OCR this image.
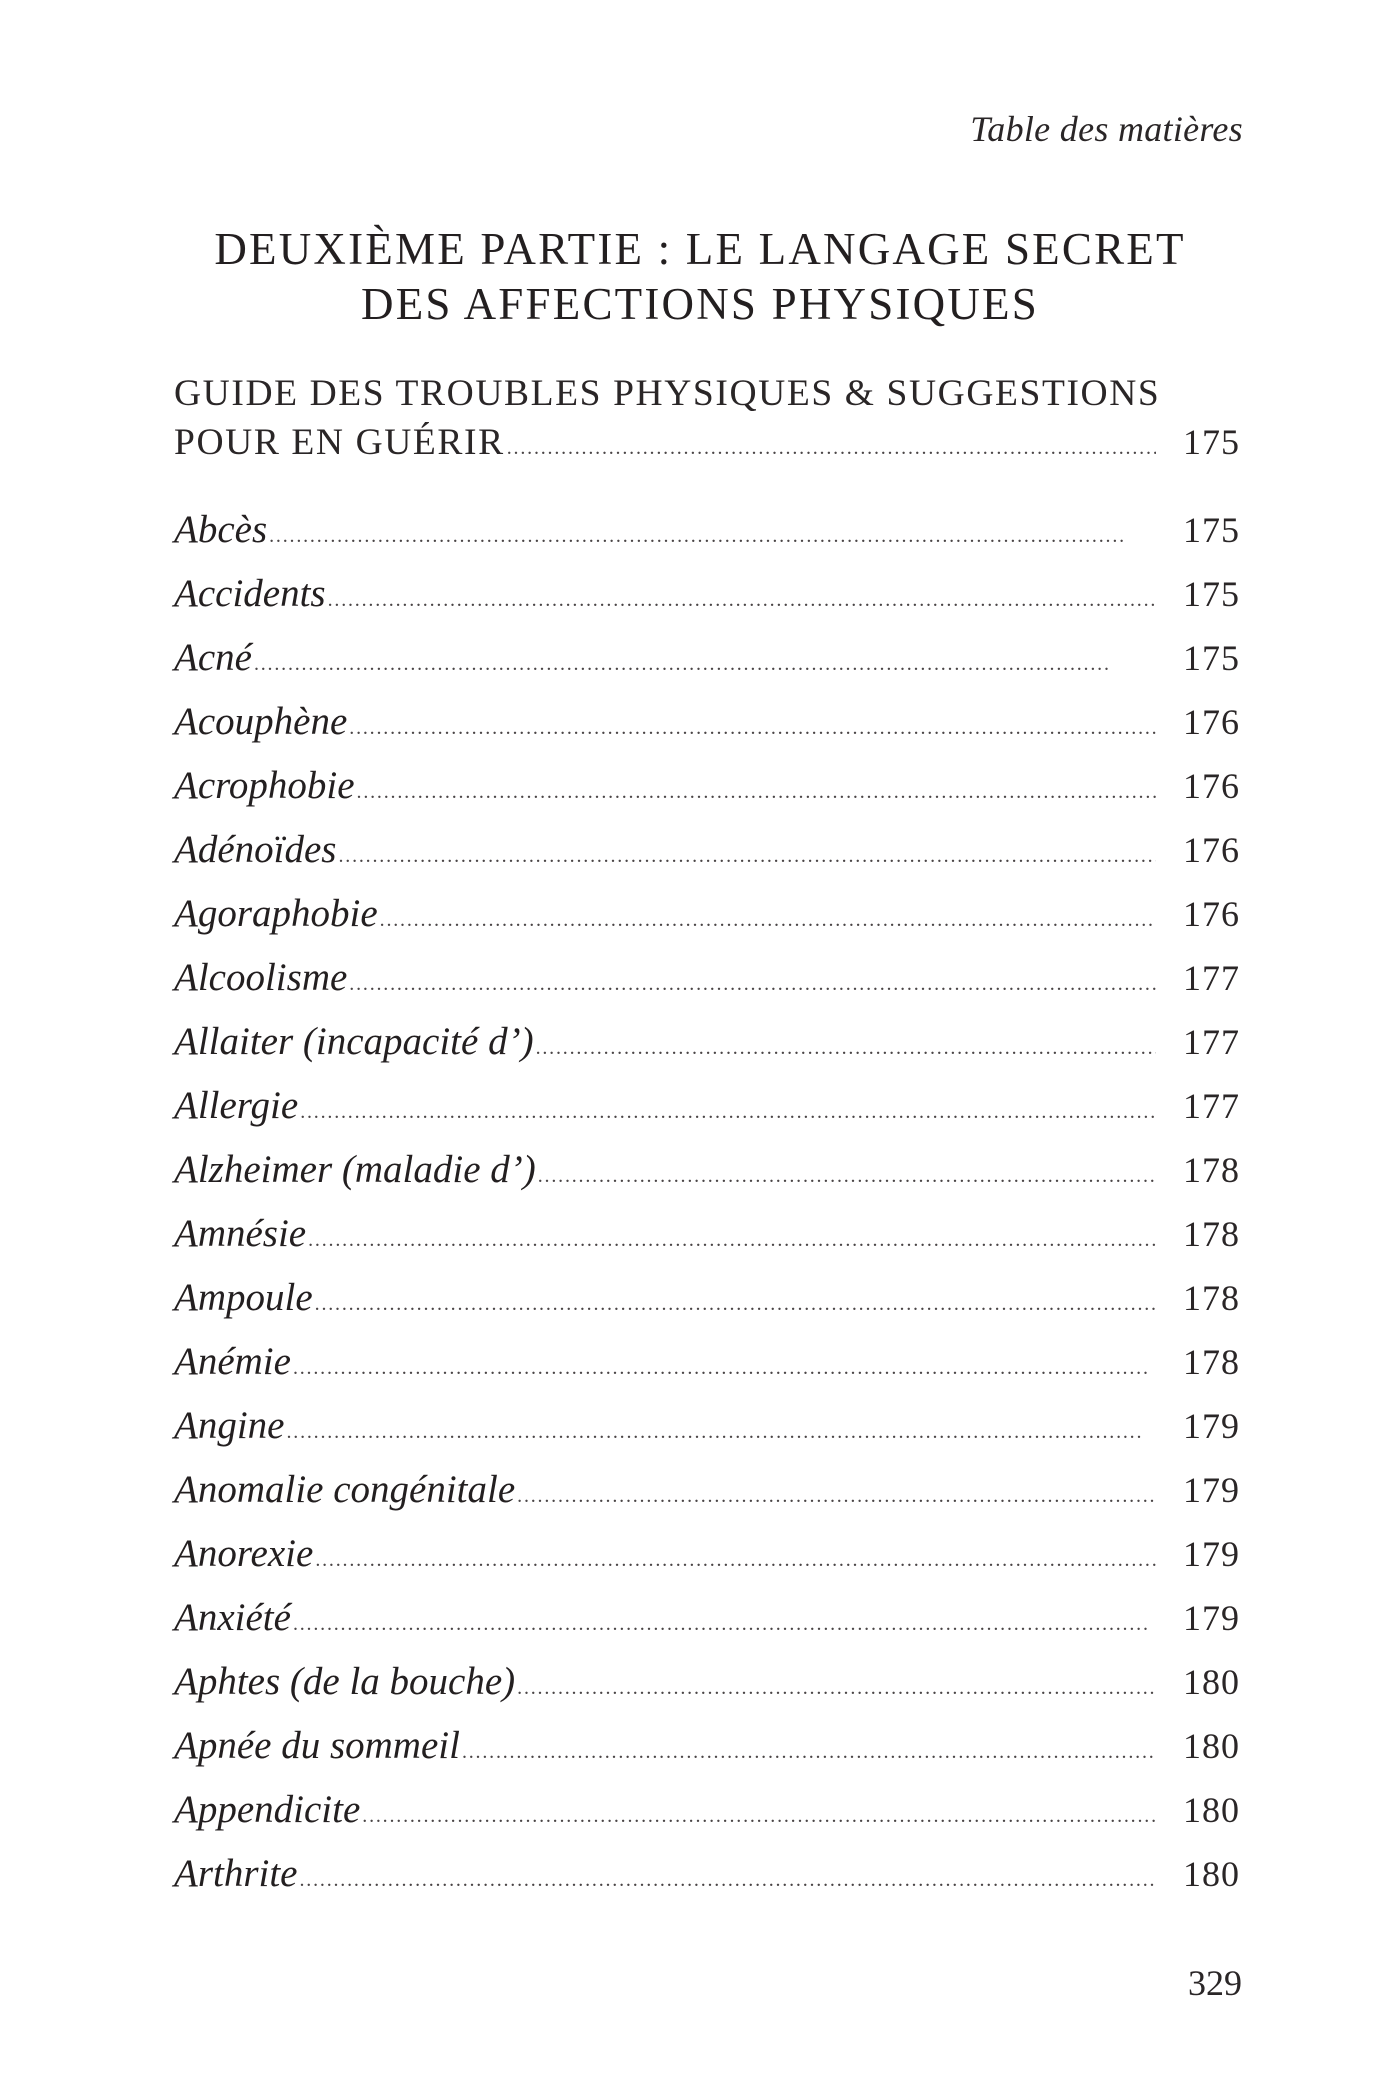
Table des matières
DEUXIÈME PARTIE : LE LANGAGE SECRET
DES AFFECTIONS PHYSIQUES
GUIDE DES TROUBLES PHYSIQUES & SUGGESTIONS
POUR EN GUÉRIR . . .	175
Abcès . . .	175
Accidents . . .	175
Acné . . .	175
Acouphène . . .	176
Acrophobie . . .	176
Adénoïdes . . .	176
Agoraphobie . . .	176
Alcoolisme . . .	177
Allaiter (incapacité d’) . . .	177
Allergie . . .	177
Alzheimer (maladie d’) . . .	178
Amnésie . . .	178
Ampoule . . .	178
Anémie . . .	178
Angine . . .	179
Anomalie congénitale . . .	179
Anorexie . . .	179
Anxiété . . .	179
Aphtes (de la bouche) . . .	180
Apnée du sommeil . . .	180
Appendicite . . .	180
Arthrite . . .	180
329
